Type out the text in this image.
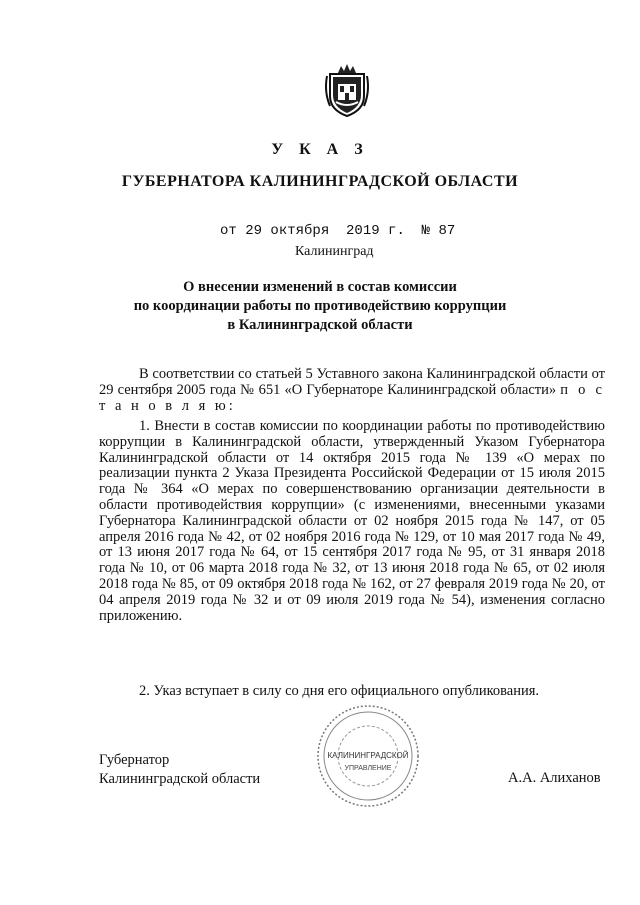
У К А З
ГУБЕРНАТОРА КАЛИНИНГРАДСКОЙ ОБЛАСТИ
от 29 октября  2019 г. № 87
Калининград
О внесении изменений в состав комиссии
по координации работы по противодействию коррупции
в Калининградской области

В соответствии со статьей 5 Уставного закона Калининградской области от 29 сентября 2005 года № 651 «О Губернаторе Калининградской области» п о с т а н о в л я ю:

1. Внести в состав комиссии по координации работы по противодействию коррупции в Калининградской области, утвержденный Указом Губернатора Калининградской области от 14 октября 2015 года № 139 «О мерах по реализации пункта 2 Указа Президента Российской Федерации от 15 июля 2015 года № 364 «О мерах по совершенствованию организации деятельности в области противодействия коррупции» (с изменениями, внесенными указами Губернатора Калининградской области от 02 ноября 2015 года № 147, от 05 апреля 2016 года № 42, от 02 ноября 2016 года № 129, от 10 мая 2017 года № 49, от 13 июня 2017 года № 64, от 15 сентября 2017 года № 95, от 31 января 2018 года № 10, от 06 марта 2018 года № 32, от 13 июня 2018 года № 65, от 02 июля 2018 года № 85, от 09 октября 2018 года № 162, от 27 февраля 2019 года № 20, от 04 апреля 2019 года № 32 и от 09 июля 2019 года № 54), изменения согласно приложению.

2. Указ вступает в силу со дня его официального опубликования.

КАЛИНИНГРАДСКОЙ
УПРАВЛЕНИЕ
Губернатор
Калининградской области	А.А. Алиханов
